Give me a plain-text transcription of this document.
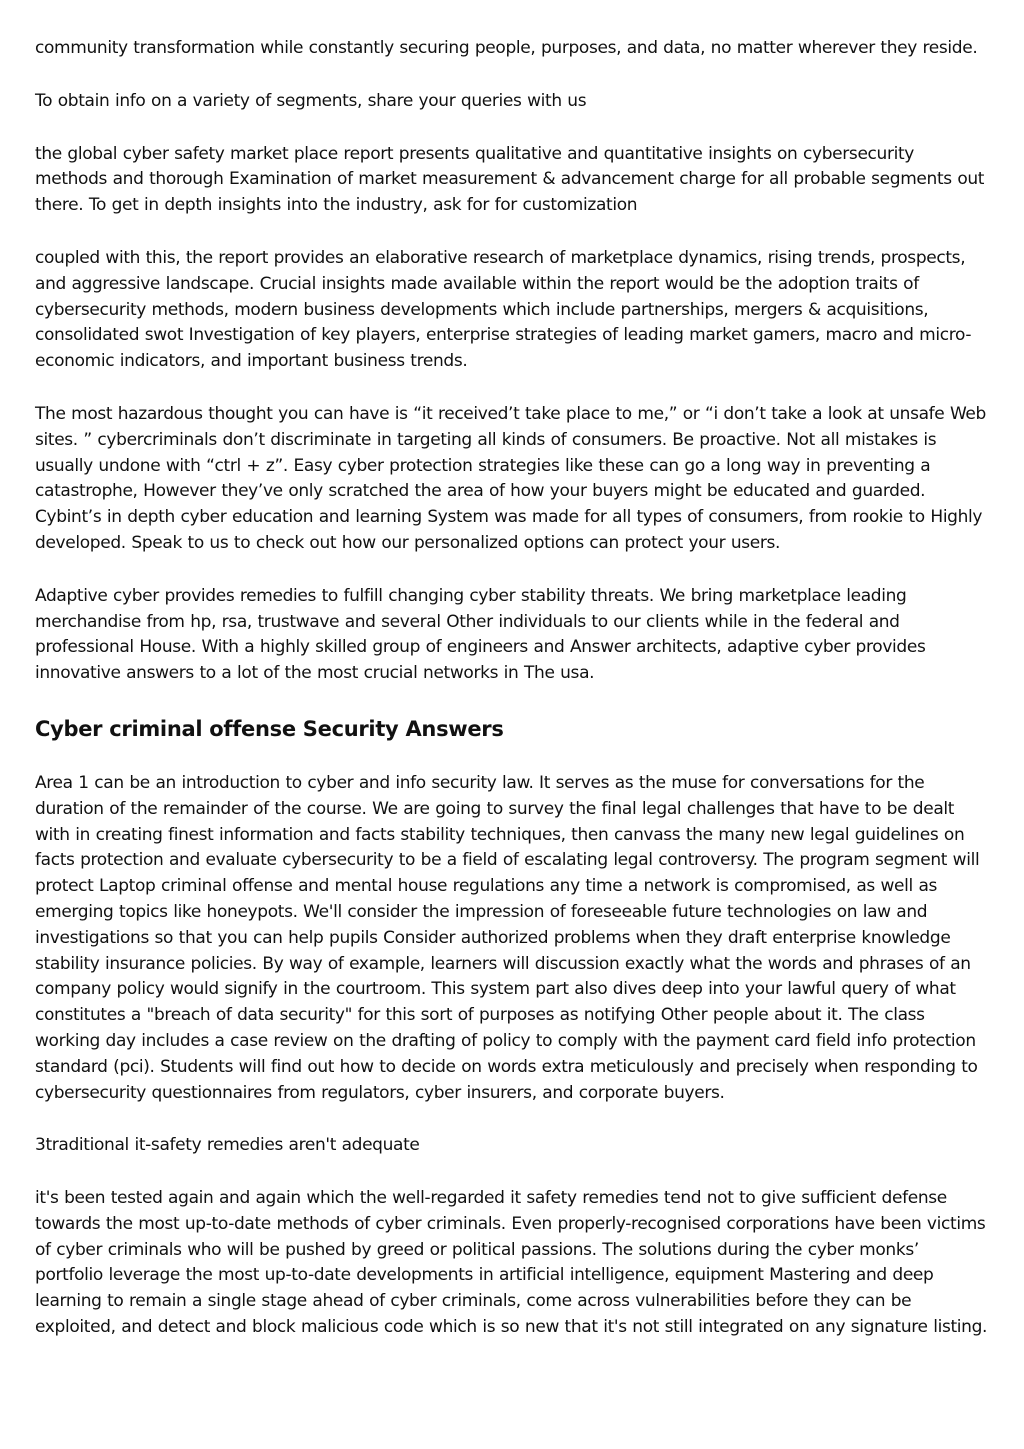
community transformation while constantly securing people, purposes, and data, no matter wherever they reside.

To obtain info on a variety of segments, share your queries with us

the global cyber safety market place report presents qualitative and quantitative insights on cybersecurity methods and thorough Examination of market measurement & advancement charge for all probable segments out there. To get in depth insights into the industry, ask for for customization

coupled with this, the report provides an elaborative research of marketplace dynamics, rising trends, prospects, and aggressive landscape. Crucial insights made available within the report would be the adoption traits of cybersecurity methods, modern business developments which include partnerships, mergers & acquisitions, consolidated swot Investigation of key players, enterprise strategies of leading market gamers, macro and micro-economic indicators, and important business trends.

The most hazardous thought you can have is “it received’t take place to me,” or “i don’t take a look at unsafe Web sites. ” cybercriminals don’t discriminate in targeting all kinds of consumers. Be proactive. Not all mistakes is usually undone with “ctrl + z”. Easy cyber protection strategies like these can go a long way in preventing a catastrophe, However they’ve only scratched the area of how your buyers might be educated and guarded. Cybint’s in depth cyber education and learning System was made for all types of consumers, from rookie to Highly developed. Speak to us to check out how our personalized options can protect your users.

Adaptive cyber provides remedies to fulfill changing cyber stability threats. We bring marketplace leading merchandise from hp, rsa, trustwave and several Other individuals to our clients while in the federal and professional House. With a highly skilled group of engineers and Answer architects, adaptive cyber provides innovative answers to a lot of the most crucial networks in The usa.

Cyber criminal offense Security Answers

Area 1 can be an introduction to cyber and info security law. It serves as the muse for conversations for the duration of the remainder of the course. We are going to survey the final legal challenges that have to be dealt with in creating finest information and facts stability techniques, then canvass the many new legal guidelines on facts protection and evaluate cybersecurity to be a field of escalating legal controversy. The program segment will protect Laptop criminal offense and mental house regulations any time a network is compromised, as well as emerging topics like honeypots. We'll consider the impression of foreseeable future technologies on law and investigations so that you can help pupils Consider authorized problems when they draft enterprise knowledge stability insurance policies. By way of example, learners will discussion exactly what the words and phrases of an company policy would signify in the courtroom. This system part also dives deep into your lawful query of what constitutes a "breach of data security" for this sort of purposes as notifying Other people about it. The class working day includes a case review on the drafting of policy to comply with the payment card field info protection standard (pci). Students will find out how to decide on words extra meticulously and precisely when responding to cybersecurity questionnaires from regulators, cyber insurers, and corporate buyers.

3traditional it-safety remedies aren't adequate

it's been tested again and again which the well-regarded it safety remedies tend not to give sufficient defense towards the most up-to-date methods of cyber criminals. Even properly-recognised corporations have been victims of cyber criminals who will be pushed by greed or political passions. The solutions during the cyber monks’ portfolio leverage the most up-to-date developments in artificial intelligence, equipment Mastering and deep learning to remain a single stage ahead of cyber criminals, come across vulnerabilities before they can be exploited, and detect and block malicious code which is so new that it's not still integrated on any signature listing.
